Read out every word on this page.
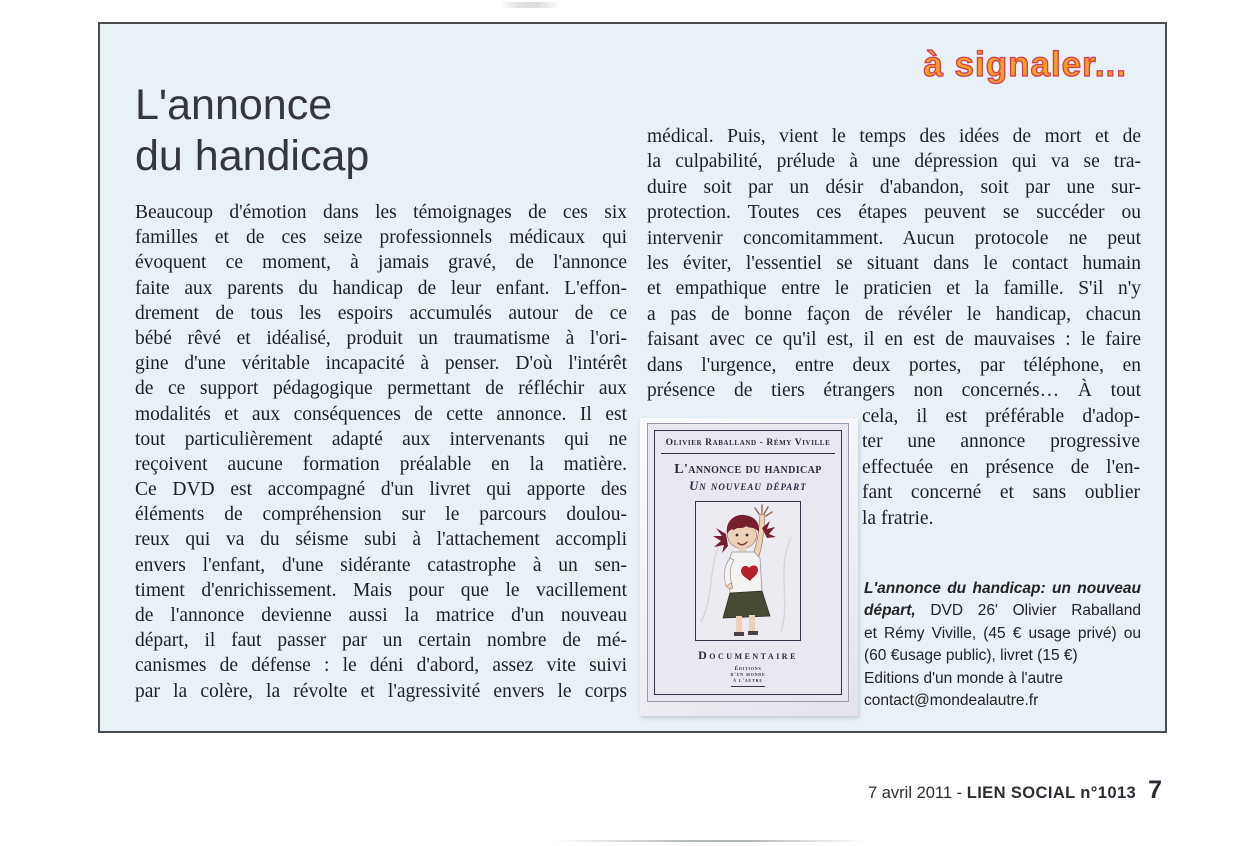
à signaler...
L'annonce
du handicap
Beaucoup d'émotion dans les témoignages de ces six
familles et de ces seize professionnels médicaux qui
évoquent ce moment, à jamais gravé, de l'annonce
faite aux parents du handicap de leur enfant. L'effon-
drement de tous les espoirs accumulés autour de ce
bébé rêvé et idéalisé, produit un traumatisme à l'ori-
gine d'une véritable incapacité à penser. D'où l'intérêt
de ce support pédagogique permettant de réfléchir aux
modalités et aux conséquences de cette annonce. Il est
tout particulièrement adapté aux intervenants qui ne
reçoivent aucune formation préalable en la matière.
Ce DVD est accompagné d'un livret qui apporte des
éléments de compréhension sur le parcours doulou-
reux qui va du séisme subi à l'attachement accompli
envers l'enfant, d'une sidérante catastrophe à un sen-
timent d'enrichissement. Mais pour que le vacillement
de l'annonce devienne aussi la matrice d'un nouveau
départ, il faut passer par un certain nombre de mé-
canismes de défense : le déni d'abord, assez vite suivi
par la colère, la révolte et l'agressivité envers le corps
médical. Puis, vient le temps des idées de mort et de
la culpabilité, prélude à une dépression qui va se tra-
duire soit par un désir d'abandon, soit par une sur-
protection. Toutes ces étapes peuvent se succéder ou
intervenir concomitamment. Aucun protocole ne peut
les éviter, l'essentiel se situant dans le contact humain
et empathique entre le praticien et la famille. S'il n'y
a pas de bonne façon de révéler le handicap, chacun
faisant avec ce qu'il est, il en est de mauvaises : le faire
dans l'urgence, entre deux portes, par téléphone, en
présence de tiers étrangers non concernés… À tout
cela, il est préférable d'adop-
ter une annonce progressive
effectuée en présence de l'en-
fant concerné et sans oublier
la fratrie.
Olivier Raballand - Rémy Viville
L'annonce du handicap
Un nouveau départ
Documentaire
Éditions
d'un monde
à l'autre
L'annonce du handicap: un nouveau
départ, DVD 26' Olivier Raballand
et Rémy Viville, (45 € usage privé) ou
(60 €usage public), livret (15 €)
Editions d'un monde à l'autre
contact@mondealautre.fr
7 avril 2011 - LIEN SOCIAL n°1013 7
